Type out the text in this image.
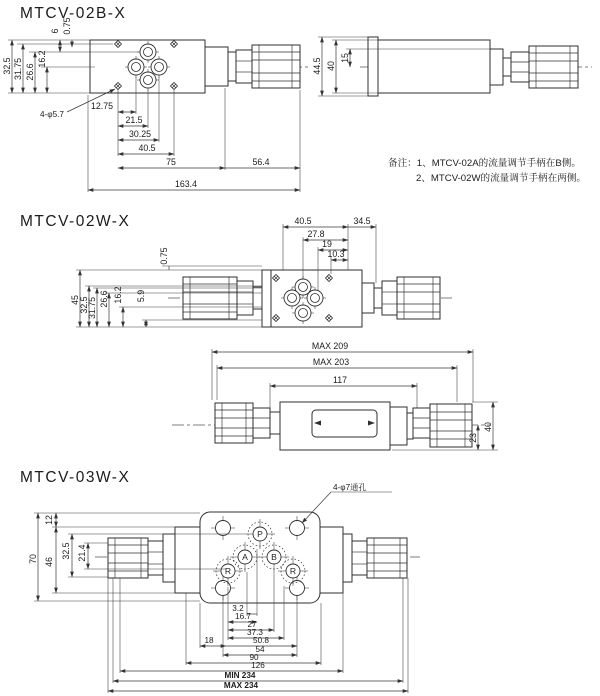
MTCV-02B-X
32.5 31.75 26.6
16.2
6 0.75
4-φ5.7
12.75
21.5
30.25
40.5
75	56.4
163.4
44.5 40
15
备注：1、MTCV-02A的流量调节手柄在B侧。
2、MTCV-02W的流量调节手柄在两侧。
MTCV-02W-X	40.5	34.5
27.8
19
10.3
45 32.5
31.75 26.6 16.2 5.9
0.75
MAX 209
MAX 203
117
23
40
MTCV-03W-X
P
A	B
R	R
4-φ7通孔
70
12
46
32.5 21.4
3.2
16.7
27
37.3
18	50.8
54
90
126
MIN 234
MAX 234
